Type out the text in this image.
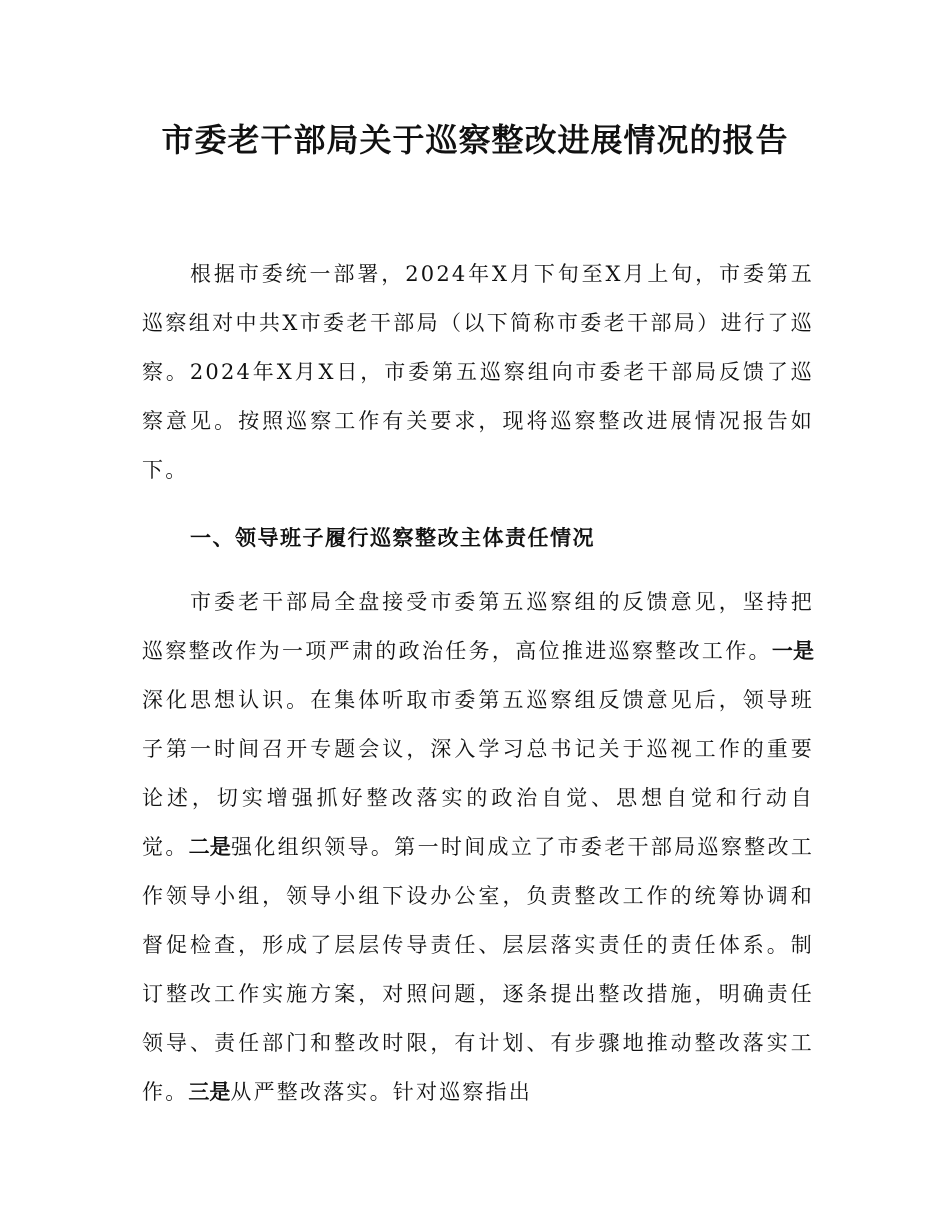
市委老干部局关于巡察整改进展情况的报告

根据市委统一部署，2024年X月下旬至X月上旬，市委第五巡察组对中共X市委老干部局（以下简称市委老干部局）进行了巡察。2024年X月X日，市委第五巡察组向市委老干部局反馈了巡察意见。按照巡察工作有关要求，现将巡察整改进展情况报告如下。

一、领导班子履行巡察整改主体责任情况

市委老干部局全盘接受市委第五巡察组的反馈意见，坚持把巡察整改作为一项严肃的政治任务，高位推进巡察整改工作。一是深化思想认识。在集体听取市委第五巡察组反馈意见后，领导班子第一时间召开专题会议，深入学习总书记关于巡视工作的重要论述，切实增强抓好整改落实的政治自觉、思想自觉和行动自觉。二是强化组织领导。第一时间成立了市委老干部局巡察整改工作领导小组，领导小组下设办公室，负责整改工作的统筹协调和督促检查，形成了层层传导责任、层层落实责任的责任体系。制订整改工作实施方案，对照问题，逐条提出整改措施，明确责任领导、责任部门和整改时限，有计划、有步骤地推动整改落实工作。三是从严整改落实。针对巡察指出
